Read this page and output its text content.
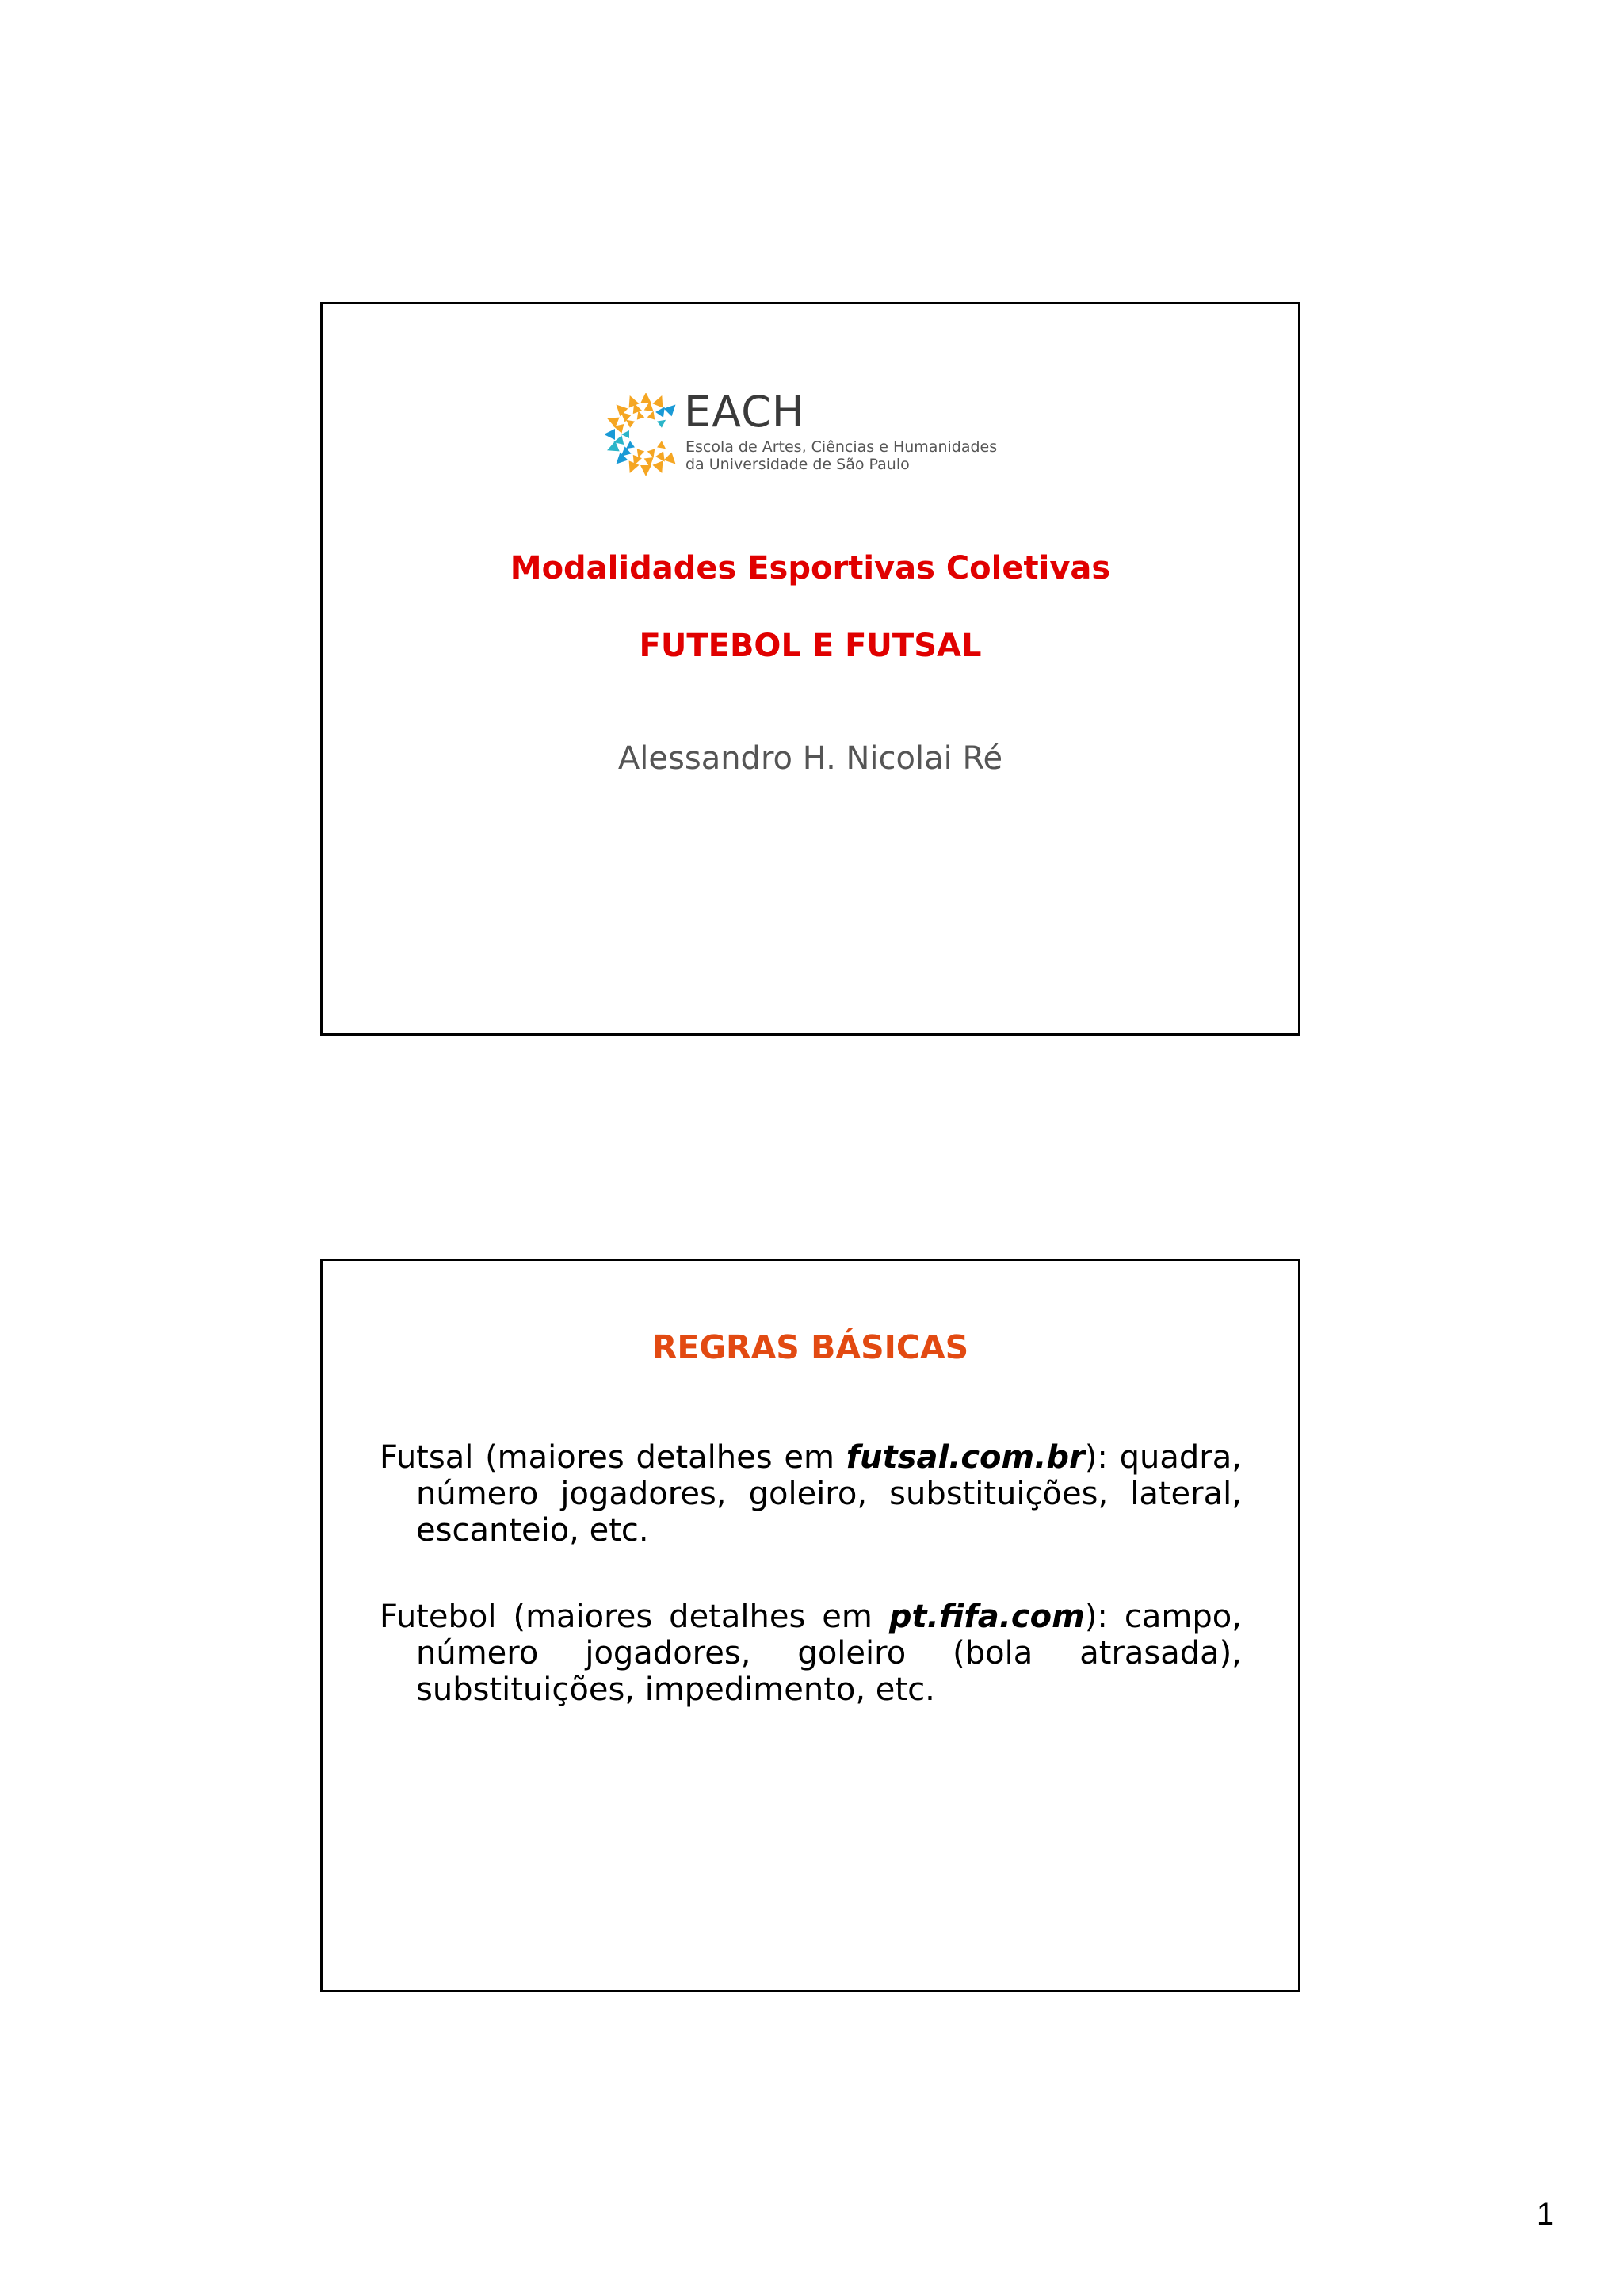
EACH
Escola de Artes, Ciências e Humanidades
da Universidade de São Paulo
Modalidades Esportivas Coletivas
FUTEBOL E FUTSAL
Alessandro H. Nicolai Ré
REGRAS BÁSICAS
Futsal (maiores detalhes em futsal.com.br): quadra,
número jogadores, goleiro, substituições, lateral,
escanteio, etc.
Futebol (maiores detalhes em pt.fifa.com): campo,
número jogadores, goleiro (bola atrasada),
substituições, impedimento, etc.
1
